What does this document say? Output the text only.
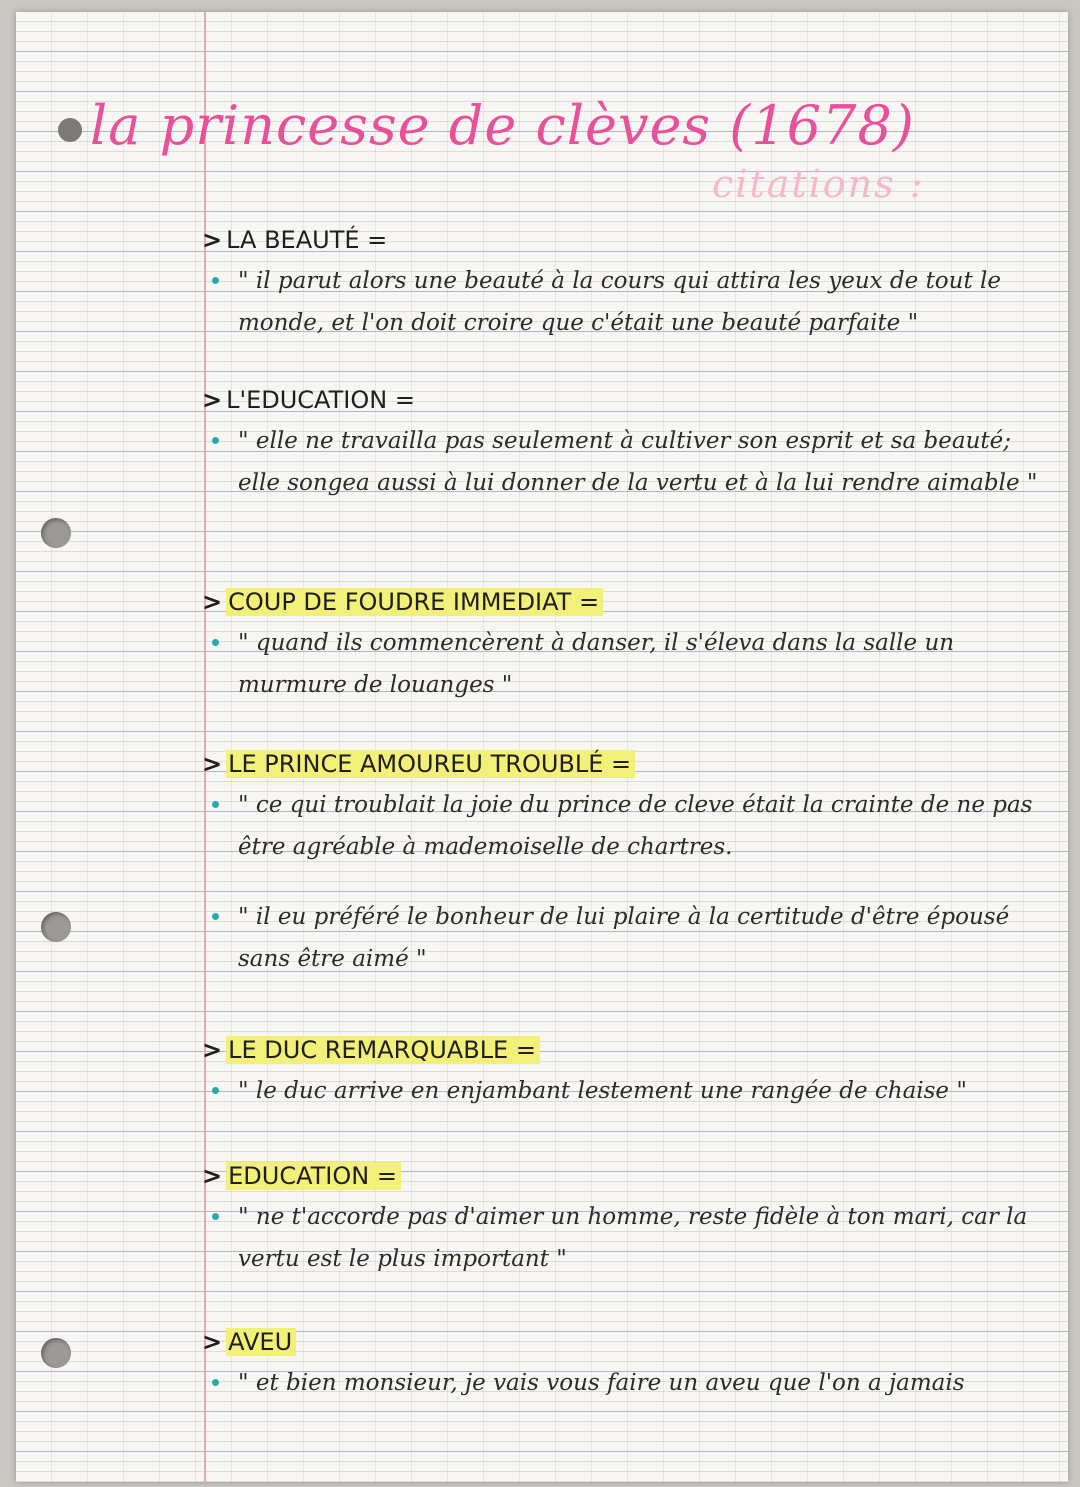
la princesse de clèves (1678)
citations :
> LA BEAUTÉ =
" il parut alors une beauté à la cours qui attira les yeux de tout le monde, et l'on doit croire que c'était une beauté parfaite "
> L'EDUCATION =
" elle ne travailla pas seulement à cultiver son esprit et sa beauté; elle songea aussi à lui donner de la vertu et à la lui rendre aimable "
> COUP DE FOUDRE IMMEDIAT =
" quand ils commencèrent à danser, il s'éleva dans la salle un murmure de louanges "
> LE PRINCE AMOUREU TROUBLÉ =
" ce qui troublait la joie du prince de cleve était la crainte de ne pas être agréable à mademoiselle de chartres.
" il eu préféré le bonheur de lui plaire à la certitude d'être épousé sans être aimé "
> LE DUC REMARQUABLE =
" le duc arrive en enjambant lestement une rangée de chaise "
> EDUCATION =
" ne t'accorde pas d'aimer un homme, reste fidèle à ton mari, car la vertu est le plus important "
> AVEU
" et bien monsieur, je vais vous faire un aveu que l'on a jamais
